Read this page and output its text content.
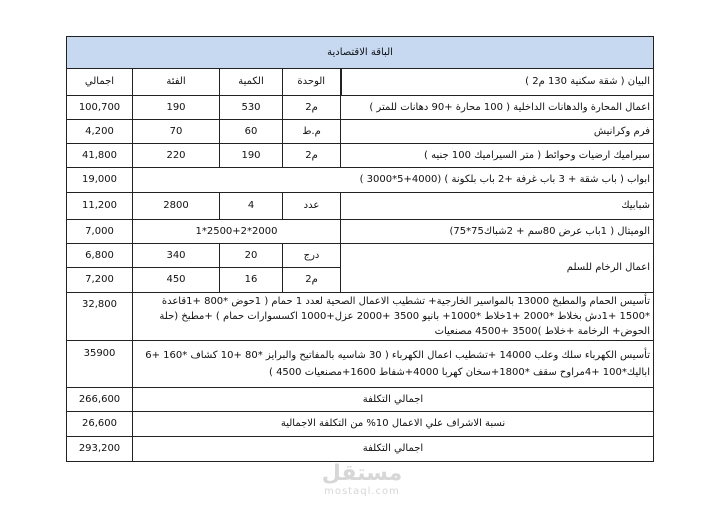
الباقة الاقتصادية				
اجمالي	الفئة	الكمية	الوحدة	البيان ( شقة سكنية 130 م2 )
100,700	190	530	م2	اعمال المحارة والدهانات الداخلية ( 100 محارة +90 دهانات للمتر )
4,200	70	60	م.ط	فرم وكرانيش
41,800	220	190	م2	سيراميك ارضيات وحوائط ( متر السيراميك 100 جنيه )
19,000	ابواب ( باب شقة + 3 باب غرفة +2 باب بلكونة ) (4000+5*3000 )			
11,200	2800	4	عدد	شبابيك
7,000	1*2500+2*2000			الوميتال ( 1باب عرض 80سم + 2شباك75*75)
6,800	340	20	درج	اعمال الرخام للسلم
7,200	450	16	م2	
32,800	تأسيس الحمام والمطبخ 13000 بالمواسير الخارجية+ تشطيب الاعمال الصحية لعدد 1 حمام ( 1حوض *800 +1قاعدة *1500 +1دش بخلاط *2000 +1خلاط *1000+ بانيو 3500 +2000 عزل+1000 اكسسوارات حمام ) +مطبخ (حلة الحوض+ الرخامة +خلاط )3500 +4500 مصنعيات			
35900	تأسيس الكهرباء سلك وعلب 14000 +تشطيب اعمال الكهرباء ( 30 شاسيه بالمفاتيح والبرايز *80 +10 كشاف *160 +6 اباليك*100 +4مراوح سقف *1800+سخان كهربا 4000+شفاط 1600+مصنعيات 4500 )			
266,600	اجمالي التكلفة			
26,600	نسبة الاشراف علي الاعمال 10% من التكلفة الاجمالية			
293,200	اجمالي التكلفة			
مستقل
mostaql.com
